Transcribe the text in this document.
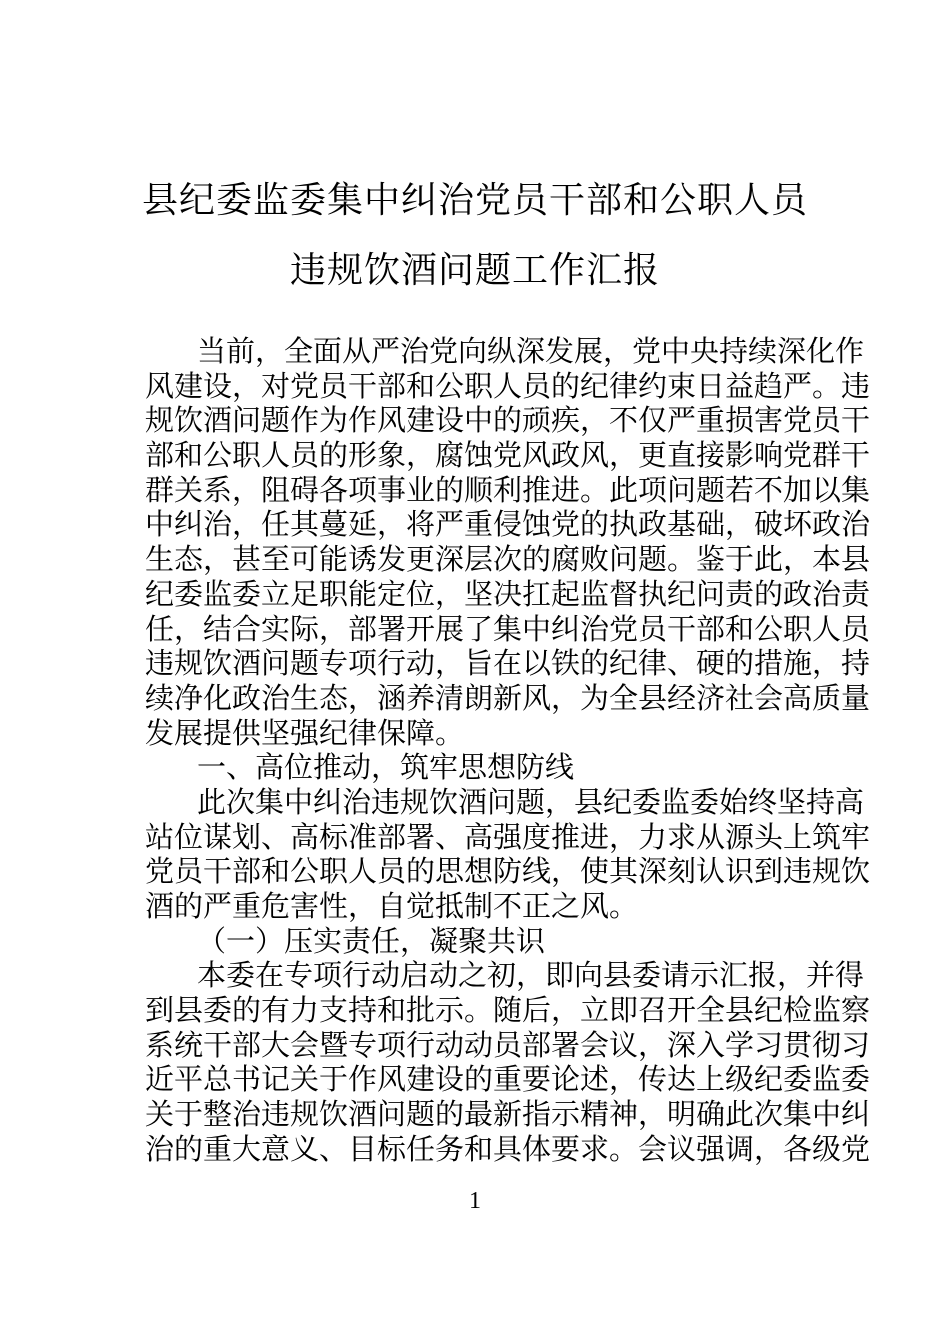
县纪委监委集中纠治党员干部和公职人员
违规饮酒问题工作汇报
当前，全面从严治党向纵深发展，党中央持续深化作
风建设，对党员干部和公职人员的纪律约束日益趋严。违
规饮酒问题作为作风建设中的顽疾，不仅严重损害党员干
部和公职人员的形象，腐蚀党风政风，更直接影响党群干
群关系，阻碍各项事业的顺利推进。此项问题若不加以集
中纠治，任其蔓延，将严重侵蚀党的执政基础，破坏政治
生态，甚至可能诱发更深层次的腐败问题。鉴于此，本县
纪委监委立足职能定位，坚决扛起监督执纪问责的政治责
任，结合实际，部署开展了集中纠治党员干部和公职人员
违规饮酒问题专项行动，旨在以铁的纪律、硬的措施，持
续净化政治生态，涵养清朗新风，为全县经济社会高质量
发展提供坚强纪律保障。
一、高位推动，筑牢思想防线
此次集中纠治违规饮酒问题，县纪委监委始终坚持高
站位谋划、高标准部署、高强度推进，力求从源头上筑牢
党员干部和公职人员的思想防线，使其深刻认识到违规饮
酒的严重危害性，自觉抵制不正之风。
（一）压实责任，凝聚共识
本委在专项行动启动之初，即向县委请示汇报，并得
到县委的有力支持和批示。随后，立即召开全县纪检监察
系统干部大会暨专项行动动员部署会议，深入学习贯彻习
近平总书记关于作风建设的重要论述，传达上级纪委监委
关于整治违规饮酒问题的最新指示精神，明确此次集中纠
治的重大意义、目标任务和具体要求。会议强调，各级党
1
